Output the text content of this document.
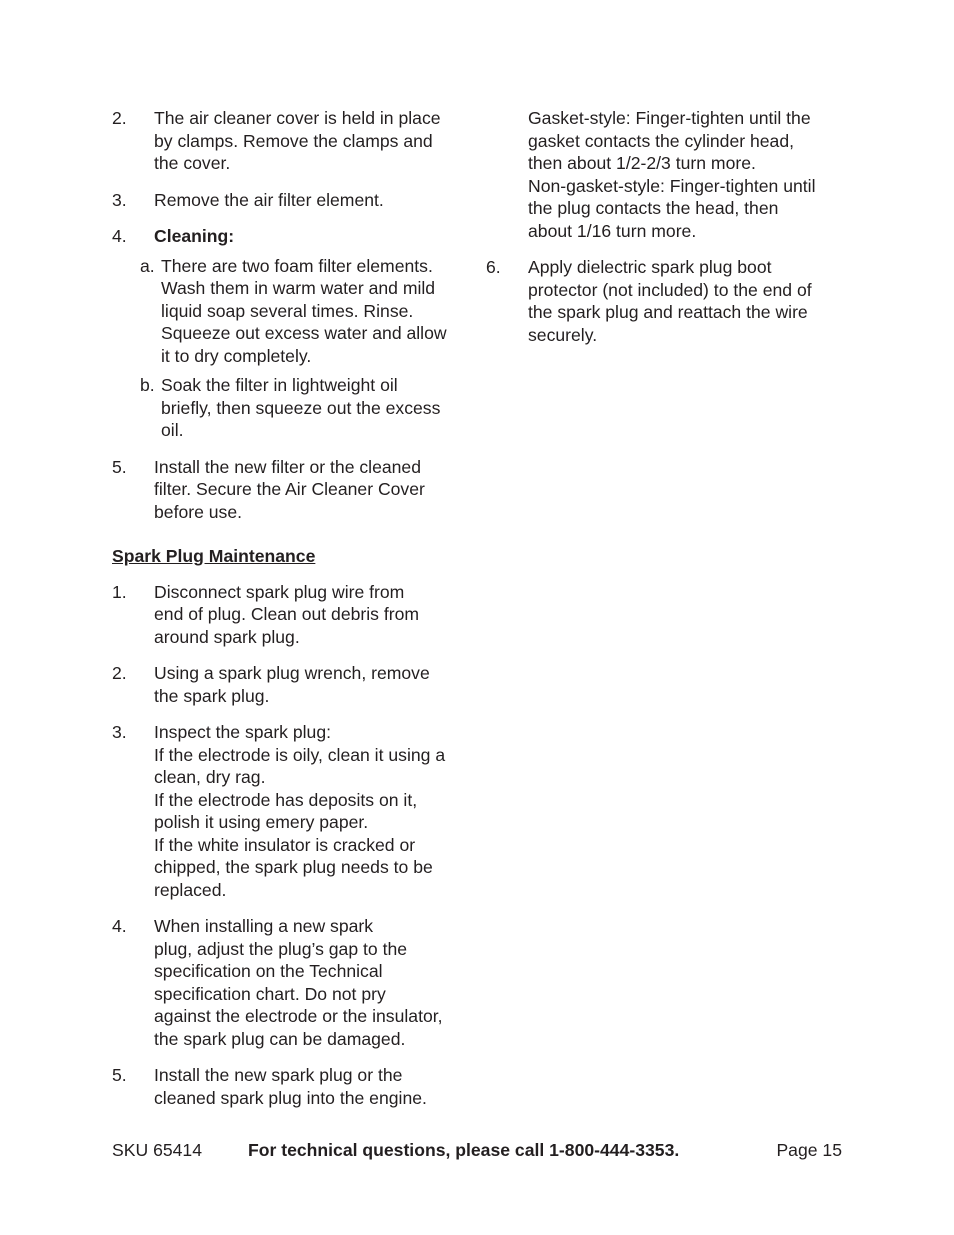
2. The air cleaner cover is held in place
by clamps. Remove the clamps and
the cover.
3. Remove the air filter element.
4. Cleaning:
a. There are two foam filter elements.
Wash them in warm water and mild
liquid soap several times. Rinse.
Squeeze out excess water and allow
it to dry completely.
b. Soak the filter in lightweight oil
briefly, then squeeze out the excess
oil.
5. Install the new filter or the cleaned
filter. Secure the Air Cleaner Cover
before use.
Spark Plug Maintenance
1. Disconnect spark plug wire from
end of plug. Clean out debris from
around spark plug.
2. Using a spark plug wrench, remove
the spark plug.
3. Inspect the spark plug:
If the electrode is oily, clean it using a
clean, dry rag.
If the electrode has deposits on it,
polish it using emery paper.
If the white insulator is cracked or
chipped, the spark plug needs to be
replaced.
4. When installing a new spark
plug, adjust the plug’s gap to the
specification on the Technical
specification chart. Do not pry
against the electrode or the insulator,
the spark plug can be damaged.
5. Install the new spark plug or the
cleaned spark plug into the engine.
Gasket-style: Finger-tighten until the
gasket contacts the cylinder head,
then about 1/2-2/3 turn more.
Non-gasket-style: Finger-tighten until
the plug contacts the head, then
about 1/16 turn more.
6. Apply dielectric spark plug boot
protector (not included) to the end of
the spark plug and reattach the wire
securely.
SKU 65414	For technical questions, please call 1-800-444-3353.	Page 15
